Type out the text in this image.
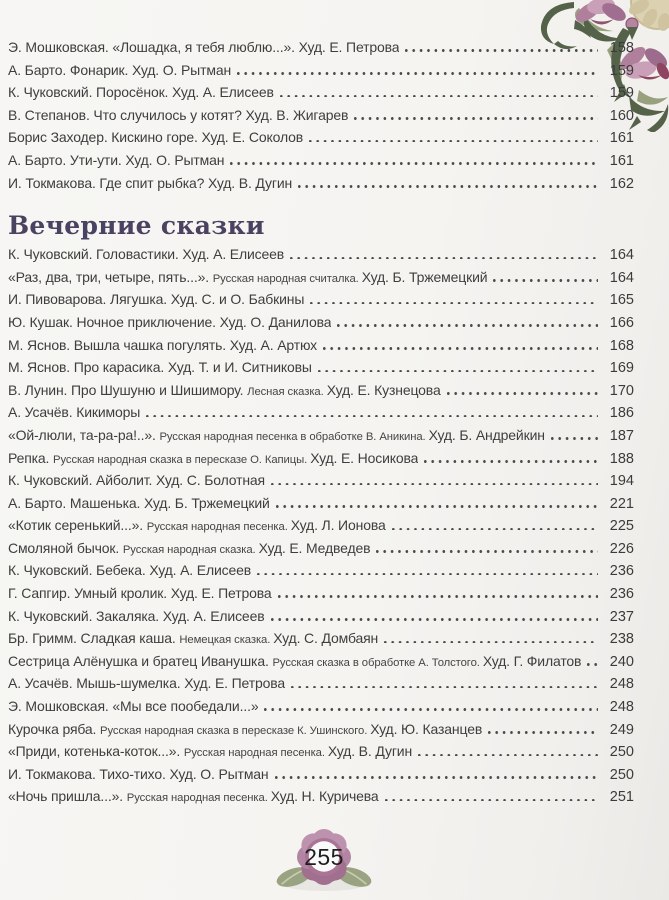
Э. Мошковская. «Лошадка, я тебя люблю...». Худ. Е. Петрова	158
А. Барто. Фонарик. Худ. О. Рытман	159
К. Чуковский. Поросёнок. Худ. А. Елисеев	159
В. Степанов. Что случилось у котят? Худ. В. Жигарев	160
Борис Заходер. Кискино горе. Худ. Е. Соколов	161
А. Барто. Ути-ути. Худ. О. Рытман	161
И. Токмакова. Где спит рыбка? Худ. В. Дугин	162
Вечерние сказки
К. Чуковский. Головастики. Худ. А. Елисеев	164
«Раз, два, три, четыре, пять...». Русская народная считалка. Худ. Б. Тржемецкий	164
И. Пивоварова. Лягушка. Худ. С. и О. Бабкины	165
Ю. Кушак. Ночное приключение. Худ. О. Данилова	166
М. Яснов. Вышла чашка погулять. Худ. А. Артюх	168
М. Яснов. Про карасика. Худ. Т. и И. Ситниковы	169
В. Лунин. Про Шушуню и Шишимору. Лесная сказка. Худ. Е. Кузнецова	170
А. Усачёв. Кикиморы	186
«Ой-люли, та-ра-ра!..». Русская народная песенка в обработке В. Аникина. Худ. Б. Андрейкин	187
Репка. Русская народная сказка в пересказе О. Капицы. Худ. Е. Носикова	188
К. Чуковский. Айболит. Худ. С. Болотная	194
А. Барто. Машенька. Худ. Б. Тржемецкий	221
«Котик серенький...». Русская народная песенка. Худ. Л. Ионова	225
Смоляной бычок. Русская народная сказка. Худ. Е. Медведев	226
К. Чуковский. Бебека. Худ. А. Елисеев	236
Г. Сапгир. Умный кролик. Худ. Е. Петрова	236
К. Чуковский. Закаляка. Худ. А. Елисеев	237
Бр. Гримм. Сладкая каша. Немецкая сказка. Худ. С. Домбаян	238
Сестрица Алёнушка и братец Иванушка. Русская сказка в обработке А. Толстого. Худ. Г. Филатов	240
А. Усачёв. Мышь-шумелка. Худ. Е. Петрова	248
Э. Мошковская. «Мы все пообедали...»	248
Курочка ряба. Русская народная сказка в пересказе К. Ушинского. Худ. Ю. Казанцев	249
«Приди, котенька-коток...». Русская народная песенка. Худ. В. Дугин	250
И. Токмакова. Тихо-тихо. Худ. О. Рытман	250
«Ночь пришла...». Русская народная песенка. Худ. Н. Куричева	251
255
